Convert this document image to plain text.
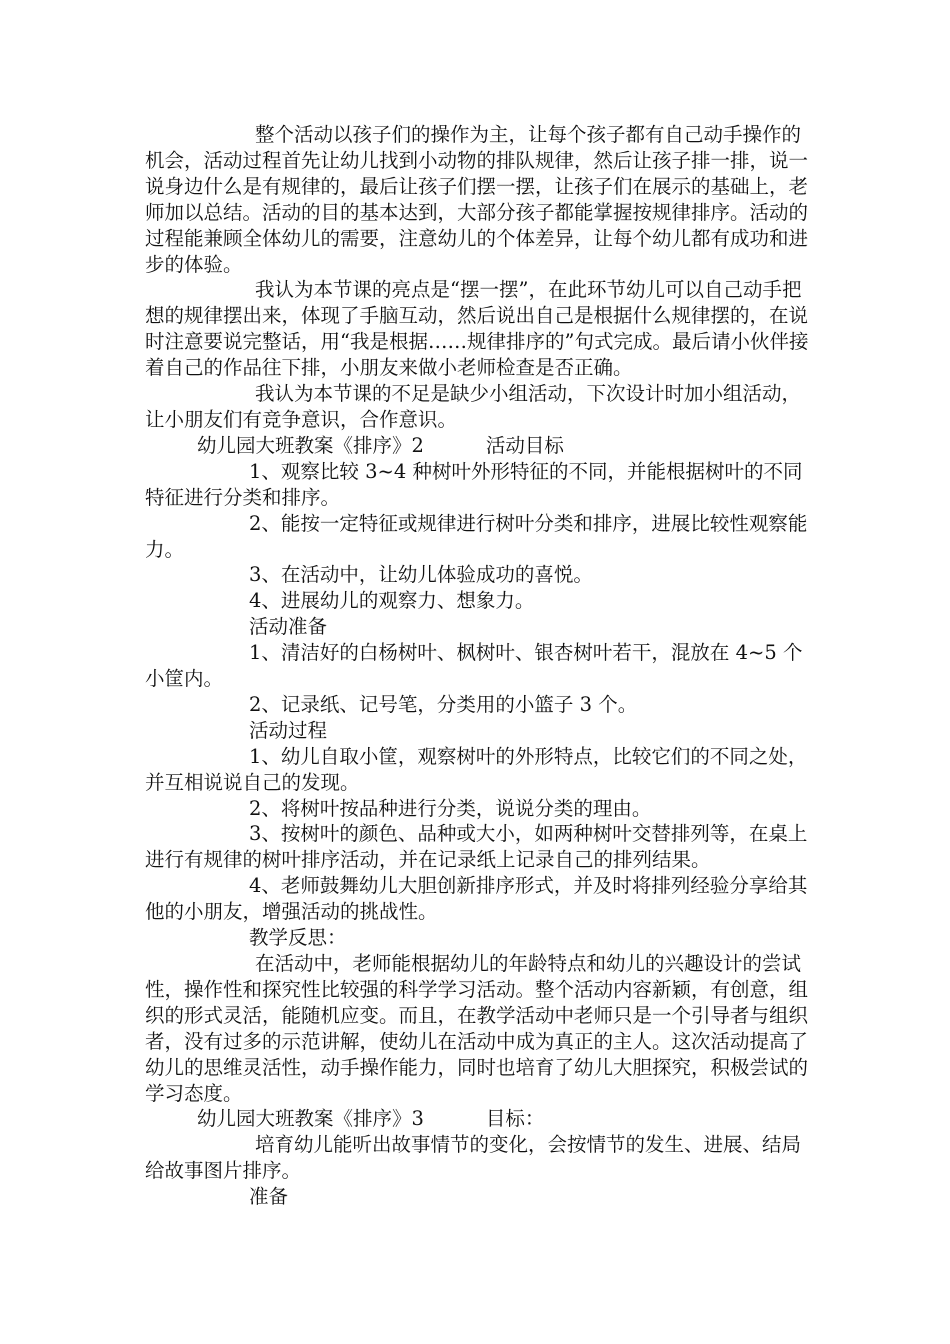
整个活动以孩子们的操作为主，让每个孩子都有自己动手操作的机会，活动过程首先让幼儿找到小动物的排队规律，然后让孩子排一排，说一说身边什么是有规律的，最后让孩子们摆一摆，让孩子们在展示的基础上，老师加以总结。活动的目的基本达到，大部分孩子都能掌握按规律排序。活动的过程能兼顾全体幼儿的需要，注意幼儿的个体差异，让每个幼儿都有成功和进步的体验。

我认为本节课的亮点是“摆一摆”，在此环节幼儿可以自己动手把想的规律摆出来，体现了手脑互动，然后说出自己是根据什么规律摆的，在说时注意要说完整话，用“我是根据……规律排序的”句式完成。最后请小伙伴接着自己的作品往下排，小朋友来做小老师检查是否正确。

我认为本节课的不足是缺少小组活动，下次设计时加小组活动，让小朋友们有竞争意识，合作意识。

幼儿园大班教案《排序》2	活动目标

1、观察比较 3~4 种树叶外形特征的不同，并能根据树叶的不同特征进行分类和排序。

2、能按一定特征或规律进行树叶分类和排序，进展比较性观察能力。

3、在活动中，让幼儿体验成功的喜悦。

4、进展幼儿的观察力、想象力。

活动准备

1、清洁好的白杨树叶、枫树叶、银杏树叶若干，混放在 4~5 个小筐内。

2、记录纸、记号笔，分类用的小篮子 3 个。

活动过程

1、幼儿自取小筐，观察树叶的外形特点，比较它们的不同之处，并互相说说自己的发现。

2、将树叶按品种进行分类，说说分类的理由。

3、按树叶的颜色、品种或大小，如两种树叶交替排列等，在桌上进行有规律的树叶排序活动，并在记录纸上记录自己的排列结果。

4、老师鼓舞幼儿大胆创新排序形式，并及时将排列经验分享给其他的小朋友，增强活动的挑战性。

教学反思：

在活动中，老师能根据幼儿的年龄特点和幼儿的兴趣设计的尝试性，操作性和探究性比较强的科学学习活动。整个活动内容新颖，有创意，组织的形式灵活，能随机应变。而且，在教学活动中老师只是一个引导者与组织者，没有过多的示范讲解，使幼儿在活动中成为真正的主人。这次活动提高了幼儿的思维灵活性，动手操作能力，同时也培育了幼儿大胆探究，积极尝试的学习态度。

幼儿园大班教案《排序》3	目标：

培育幼儿能听出故事情节的变化，会按情节的发生、进展、结局给故事图片排序。

准备
